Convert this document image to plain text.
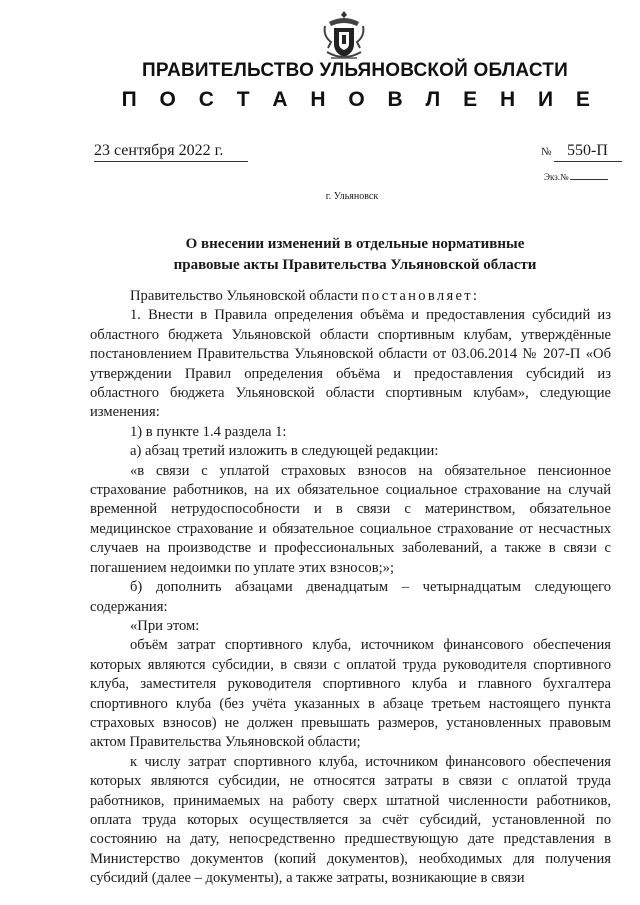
ПРАВИТЕЛЬСТВО УЛЬЯНОВСКОЙ ОБЛАСТИ
П О С Т А Н О В Л Е Н И Е
23 сентября 2022 г.	№ 550-П
Экз.№
г. Ульяновск
О внесении изменений в отдельные нормативные
правовые акты Правительства Ульяновской области

Правительство Ульяновской области постановляет:

1. Внести в Правила определения объёма и предоставления субсидий из областного бюджета Ульяновской области спортивным клубам, утверждённые постановлением Правительства Ульяновской области от 03.06.2014 № 207-П «Об утверждении Правил определения объёма и предоставления субсидий из областного бюджета Ульяновской области спортивным клубам», следующие изменения:

1) в пункте 1.4 раздела 1:

а) абзац третий изложить в следующей редакции:

«в связи с уплатой страховых взносов на обязательное пенсионное страхование работников, на их обязательное социальное страхование на случай временной нетрудоспособности и в связи с материнством, обязательное медицинское страхование и обязательное социальное страхование от несчастных случаев на производстве и профессиональных заболеваний, а также в связи с погашением недоимки по уплате этих взносов;»;

б) дополнить абзацами двенадцатым – четырнадцатым следующего содержания:

«При этом:

объём затрат спортивного клуба, источником финансового обеспечения которых являются субсидии, в связи с оплатой труда руководителя спортивного клуба, заместителя руководителя спортивного клуба и главного бухгалтера спортивного клуба (без учёта указанных в абзаце третьем настоящего пункта страховых взносов) не должен превышать размеров, установленных правовым актом Правительства Ульяновской области;

к числу затрат спортивного клуба, источником финансового обеспечения которых являются субсидии, не относятся затраты в связи с оплатой труда работников, принимаемых на работу сверх штатной численности работников, оплата труда которых осуществляется за счёт субсидий, установленной по состоянию на дату, непосредственно предшествующую дате представления в Министерство документов (копий документов), необходимых для получения субсидий (далее – документы), а также затраты, возникающие в связи
